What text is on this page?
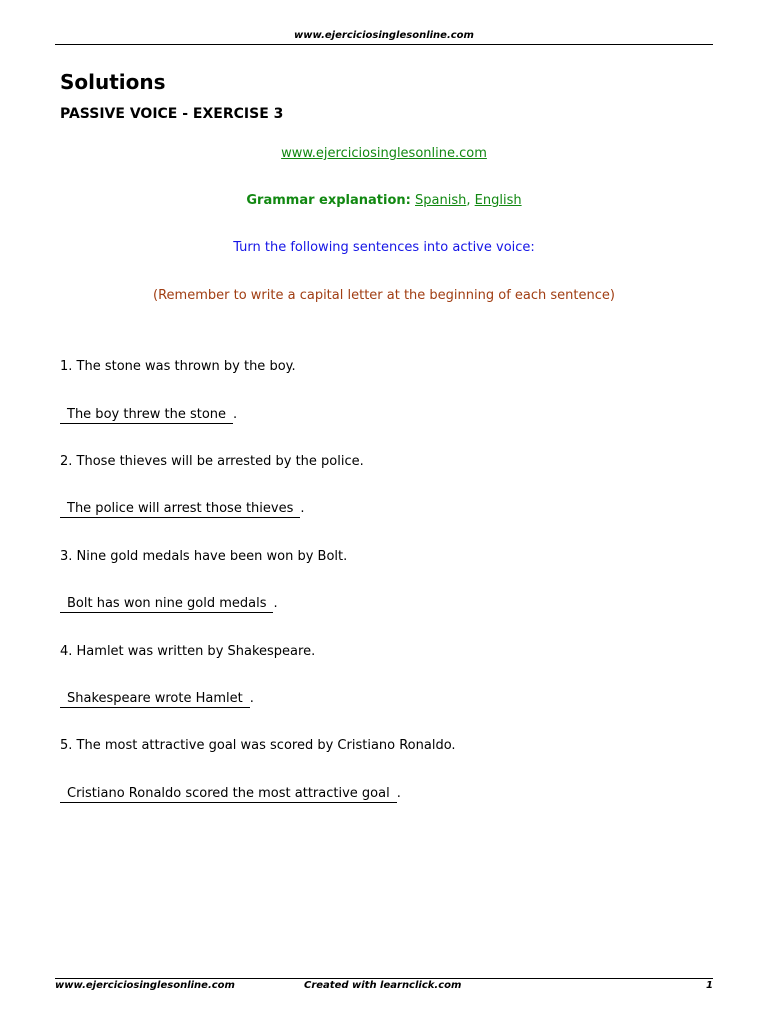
www.ejerciciosinglesonline.com
Solutions
PASSIVE VOICE - EXERCISE 3
www.ejerciciosinglesonline.com
Grammar explanation: Spanish, English
Turn the following sentences into active voice:
(Remember to write a capital letter at the beginning of each sentence)
1. The stone was thrown by the boy.
The boy threw the stone .
2. Those thieves will be arrested by the police.
The police will arrest those thieves .
3. Nine gold medals have been won by Bolt.
Bolt has won nine gold medals .
4. Hamlet was written by Shakespeare.
Shakespeare wrote Hamlet .
5. The most attractive goal was scored by Cristiano Ronaldo.
Cristiano Ronaldo scored the most attractive goal .
www.ejerciciosinglesonline.com	Created with learnclick.com	1
